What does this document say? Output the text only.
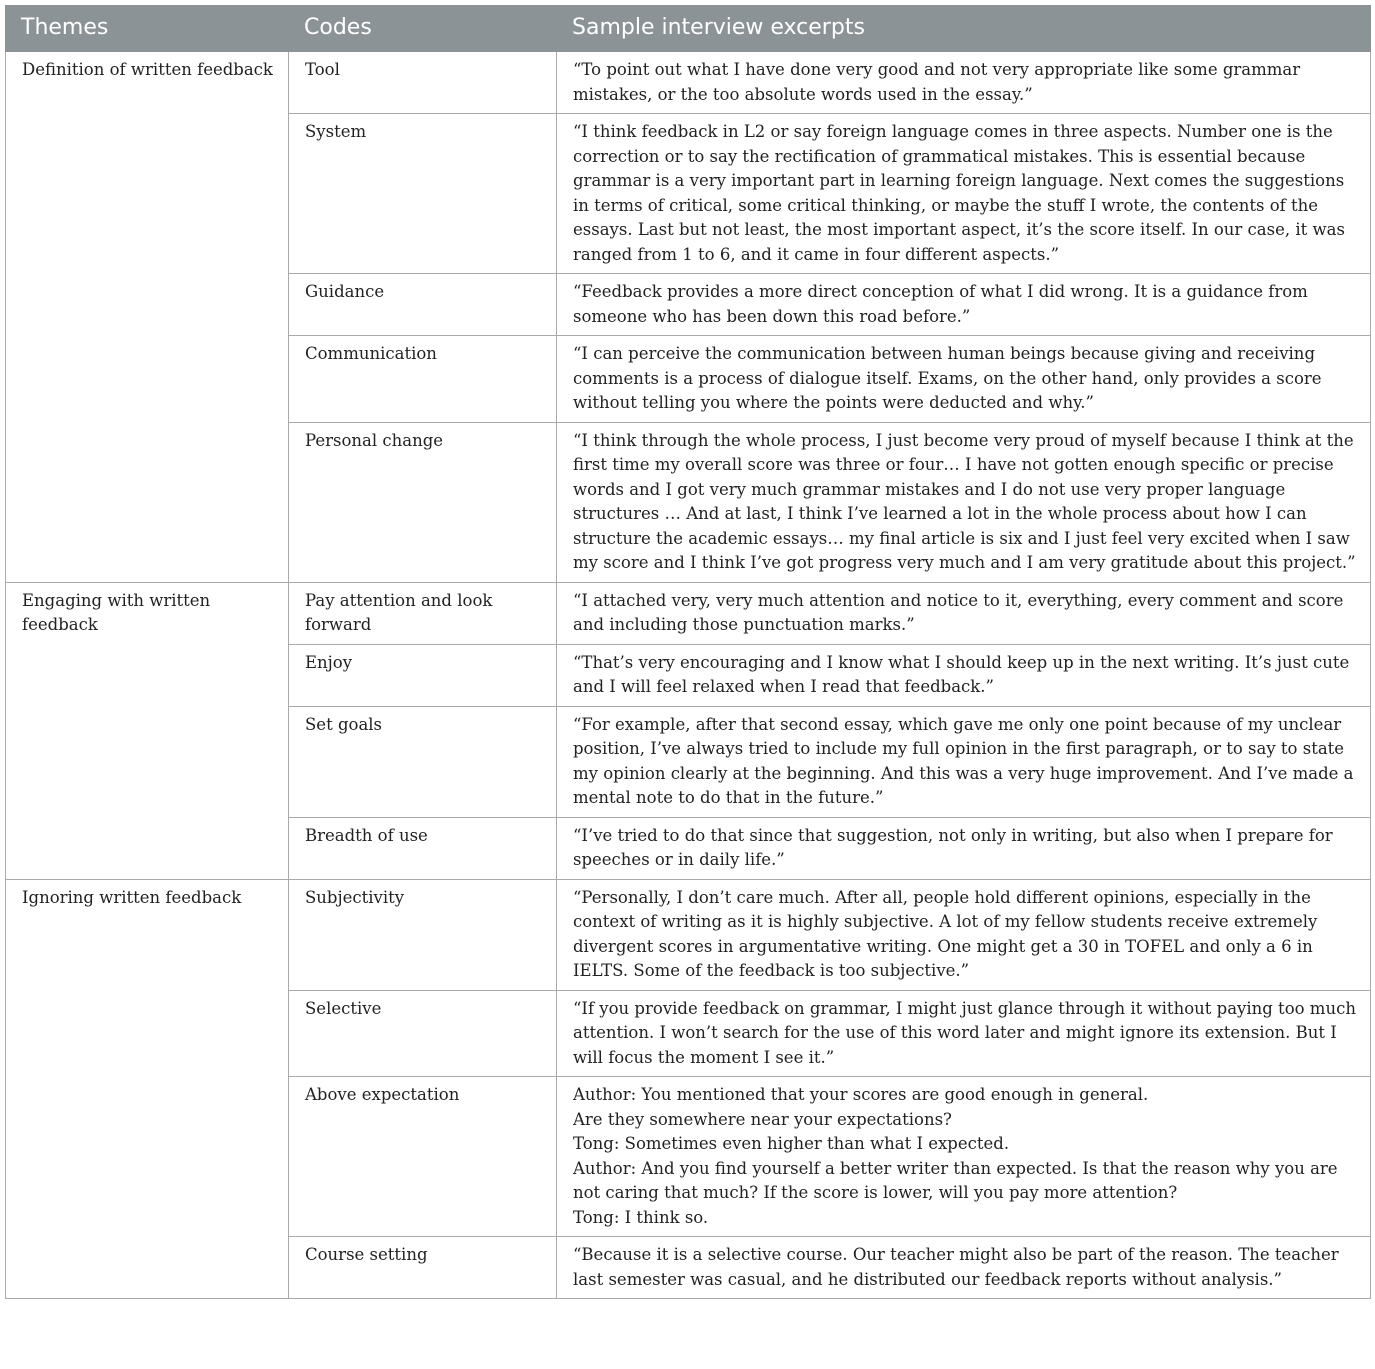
Themes	Codes	Sample interview excerpts
Definition of written feedback	Tool	“To point out what I have done very good and not very appropriate like some grammar mistakes, or the too absolute words used in the essay.”
	System	“I think feedback in L2 or say foreign language comes in three aspects. Number one is the correction or to say the rectification of grammatical mistakes. This is essential because grammar is a very important part in learning foreign language. Next comes the suggestions in terms of critical, some critical thinking, or maybe the stuff I wrote, the contents of the essays. Last but not least, the most important aspect, it’s the score itself. In our case, it was ranged from 1 to 6, and it came in four different aspects.”
	Guidance	“Feedback provides a more direct conception of what I did wrong. It is a guidance from someone who has been down this road before.”
	Communication	“I can perceive the communication between human beings because giving and receiving comments is a process of dialogue itself. Exams, on the other hand, only provides a score without telling you where the points were deducted and why.”
	Personal change	“I think through the whole process, I just become very proud of myself because I think at the first time my overall score was three or four… I have not gotten enough specific or precise words and I got very much grammar mistakes and I do not use very proper language structures … And at last, I think I’ve learned a lot in the whole process about how I can structure the academic essays… my final article is six and I just feel very excited when I saw my score and I think I’ve got progress very much and I am very gratitude about this project.”
Engaging with written feedback	Pay attention and look forward	“I attached very, very much attention and notice to it, everything, every comment and score and including those punctuation marks.”
	Enjoy	“That’s very encouraging and I know what I should keep up in the next writing. It’s just cute and I will feel relaxed when I read that feedback.”
	Set goals	“For example, after that second essay, which gave me only one point because of my unclear position, I’ve always tried to include my full opinion in the first paragraph, or to say to state my opinion clearly at the beginning. And this was a very huge improvement. And I’ve made a mental note to do that in the future.”
	Breadth of use	“I’ve tried to do that since that suggestion, not only in writing, but also when I prepare for speeches or in daily life.”
Ignoring written feedback	Subjectivity	“Personally, I don’t care much. After all, people hold different opinions, especially in the context of writing as it is highly subjective. A lot of my fellow students receive extremely divergent scores in argumentative writing. One might get a 30 in TOFEL and only a 6 in IELTS. Some of the feedback is too subjective.”
	Selective	“If you provide feedback on grammar, I might just glance through it without paying too much attention. I won’t search for the use of this word later and might ignore its extension. But I will focus the moment I see it.”
	Above expectation	Author: You mentioned that your scores are good enough in general.
Are they somewhere near your expectations?
Tong: Sometimes even higher than what I expected.
Author: And you find yourself a better writer than expected. Is that the reason why you are not caring that much? If the score is lower, will you pay more attention?
Tong: I think so.

	Course setting	“Because it is a selective course. Our teacher might also be part of the reason. The teacher last semester was casual, and he distributed our feedback reports without analysis.”
